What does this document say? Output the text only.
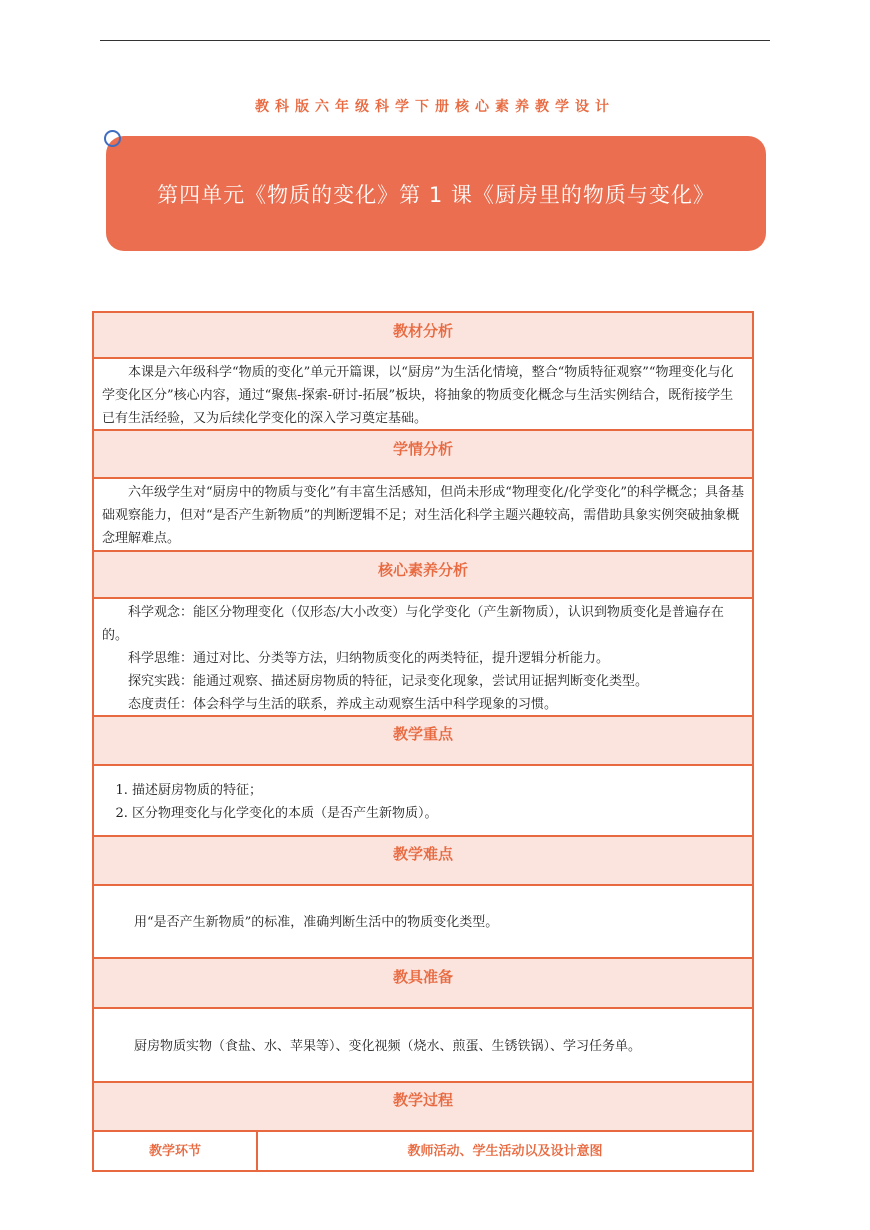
教科版六年级科学下册核心素养教学设计
第四单元《物质的变化》第 1 课《厨房里的物质与变化》
教材分析

本课是六年级科学“物质的变化”单元开篇课，以“厨房”为生活化情境，整合“物质特征观察”“物理变化与化学变化区分”核心内容，通过“聚焦-探索-研讨-拓展”板块，将抽象的物质变化概念与生活实例结合，既衔接学生已有生活经验，又为后续化学变化的深入学习奠定基础。

学情分析

六年级学生对“厨房中的物质与变化”有丰富生活感知，但尚未形成“物理变化/化学变化”的科学概念；具备基础观察能力，但对“是否产生新物质”的判断逻辑不足；对生活化科学主题兴趣较高，需借助具象实例突破抽象概念理解难点。

核心素养分析

科学观念：能区分物理变化（仅形态/大小改变）与化学变化（产生新物质），认识到物质变化是普遍存在的。

科学思维：通过对比、分类等方法，归纳物质变化的两类特征，提升逻辑分析能力。

探究实践：能通过观察、描述厨房物质的特征，记录变化现象，尝试用证据判断变化类型。

态度责任：体会科学与生活的联系，养成主动观察生活中科学现象的习惯。

教学重点
1. 描述厨房物质的特征；
2. 区分物理变化与化学变化的本质（是否产生新物质）。
教学难点
用“是否产生新物质”的标准，准确判断生活中的物质变化类型。
教具准备
厨房物质实物（食盐、水、苹果等）、变化视频（烧水、煎蛋、生锈铁锅）、学习任务单。
教学过程
教学环节	教师活动、学生活动以及设计意图
